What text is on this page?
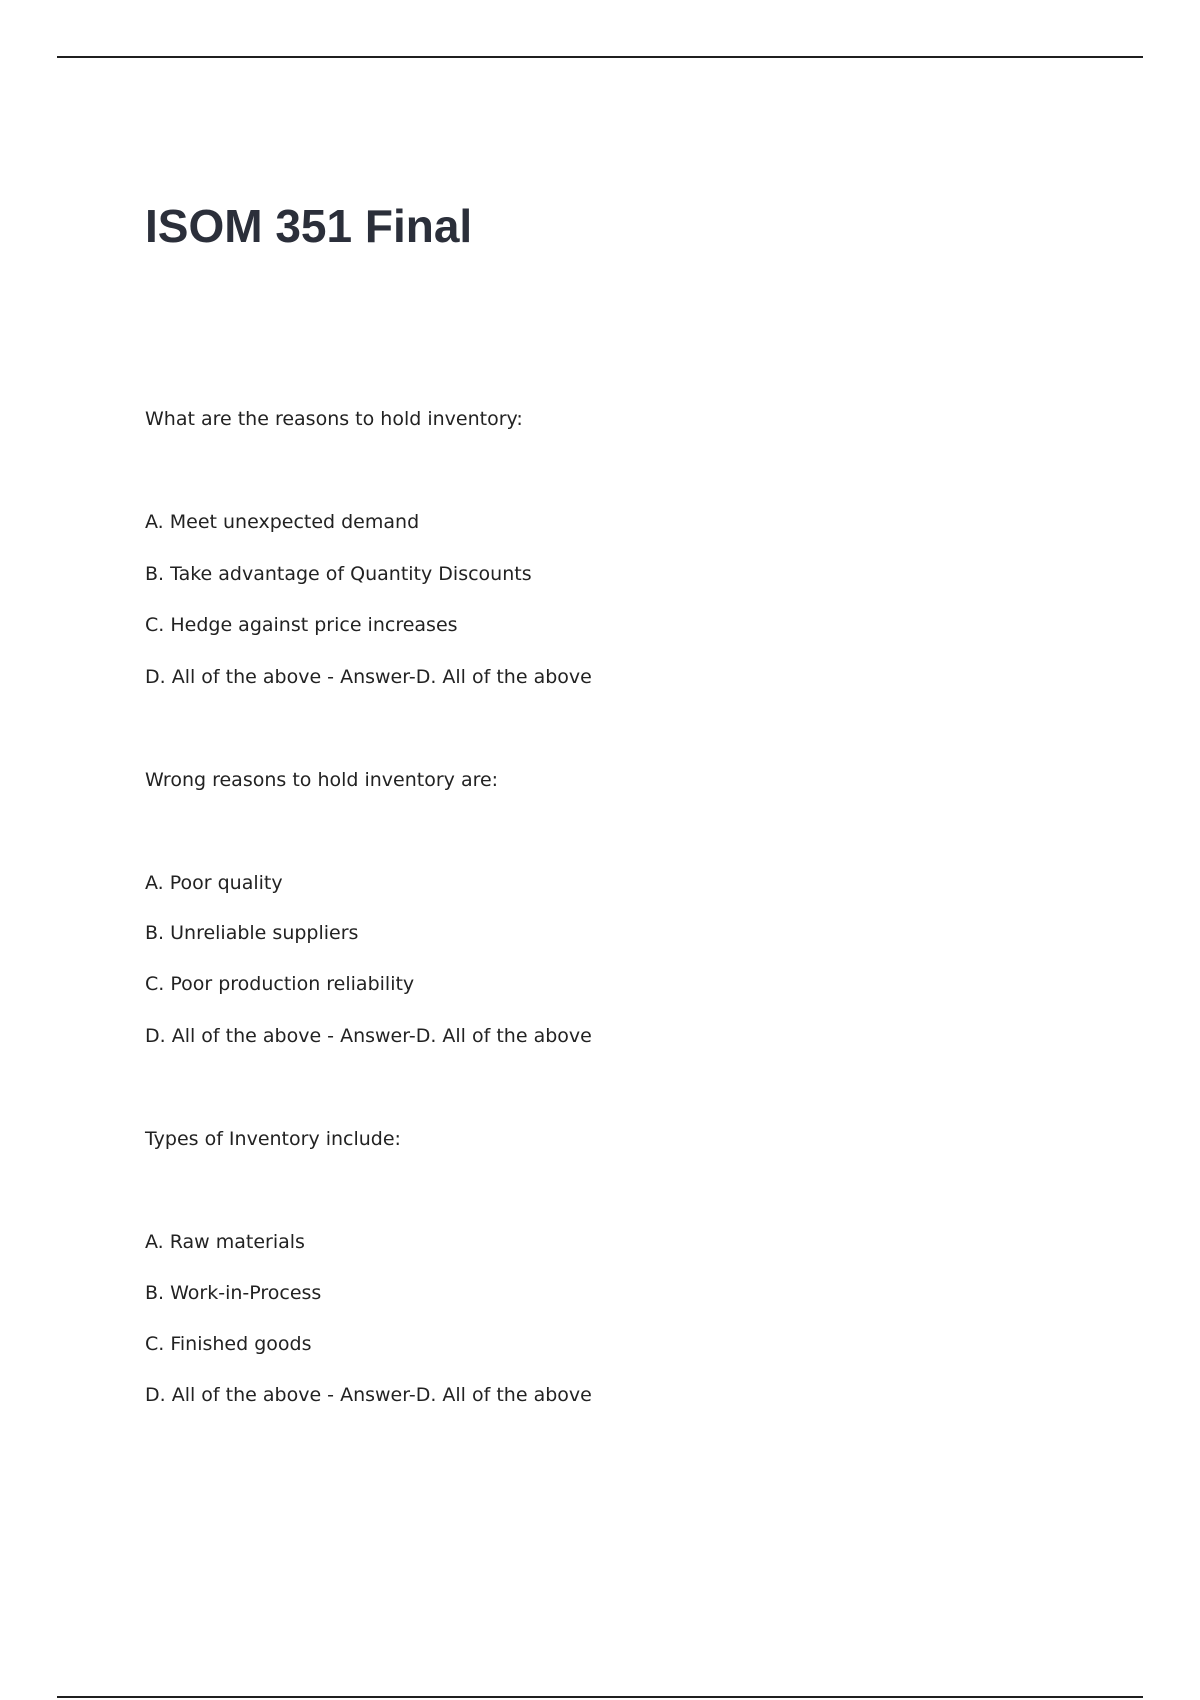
ISOM 351 Final

What are the reasons to hold inventory:

A. Meet unexpected demand

B. Take advantage of Quantity Discounts

C. Hedge against price increases

D. All of the above - Answer-D. All of the above

Wrong reasons to hold inventory are:

A. Poor quality

B. Unreliable suppliers

C. Poor production reliability

D. All of the above - Answer-D. All of the above

Types of Inventory include:

A. Raw materials

B. Work-in-Process

C. Finished goods

D. All of the above - Answer-D. All of the above
